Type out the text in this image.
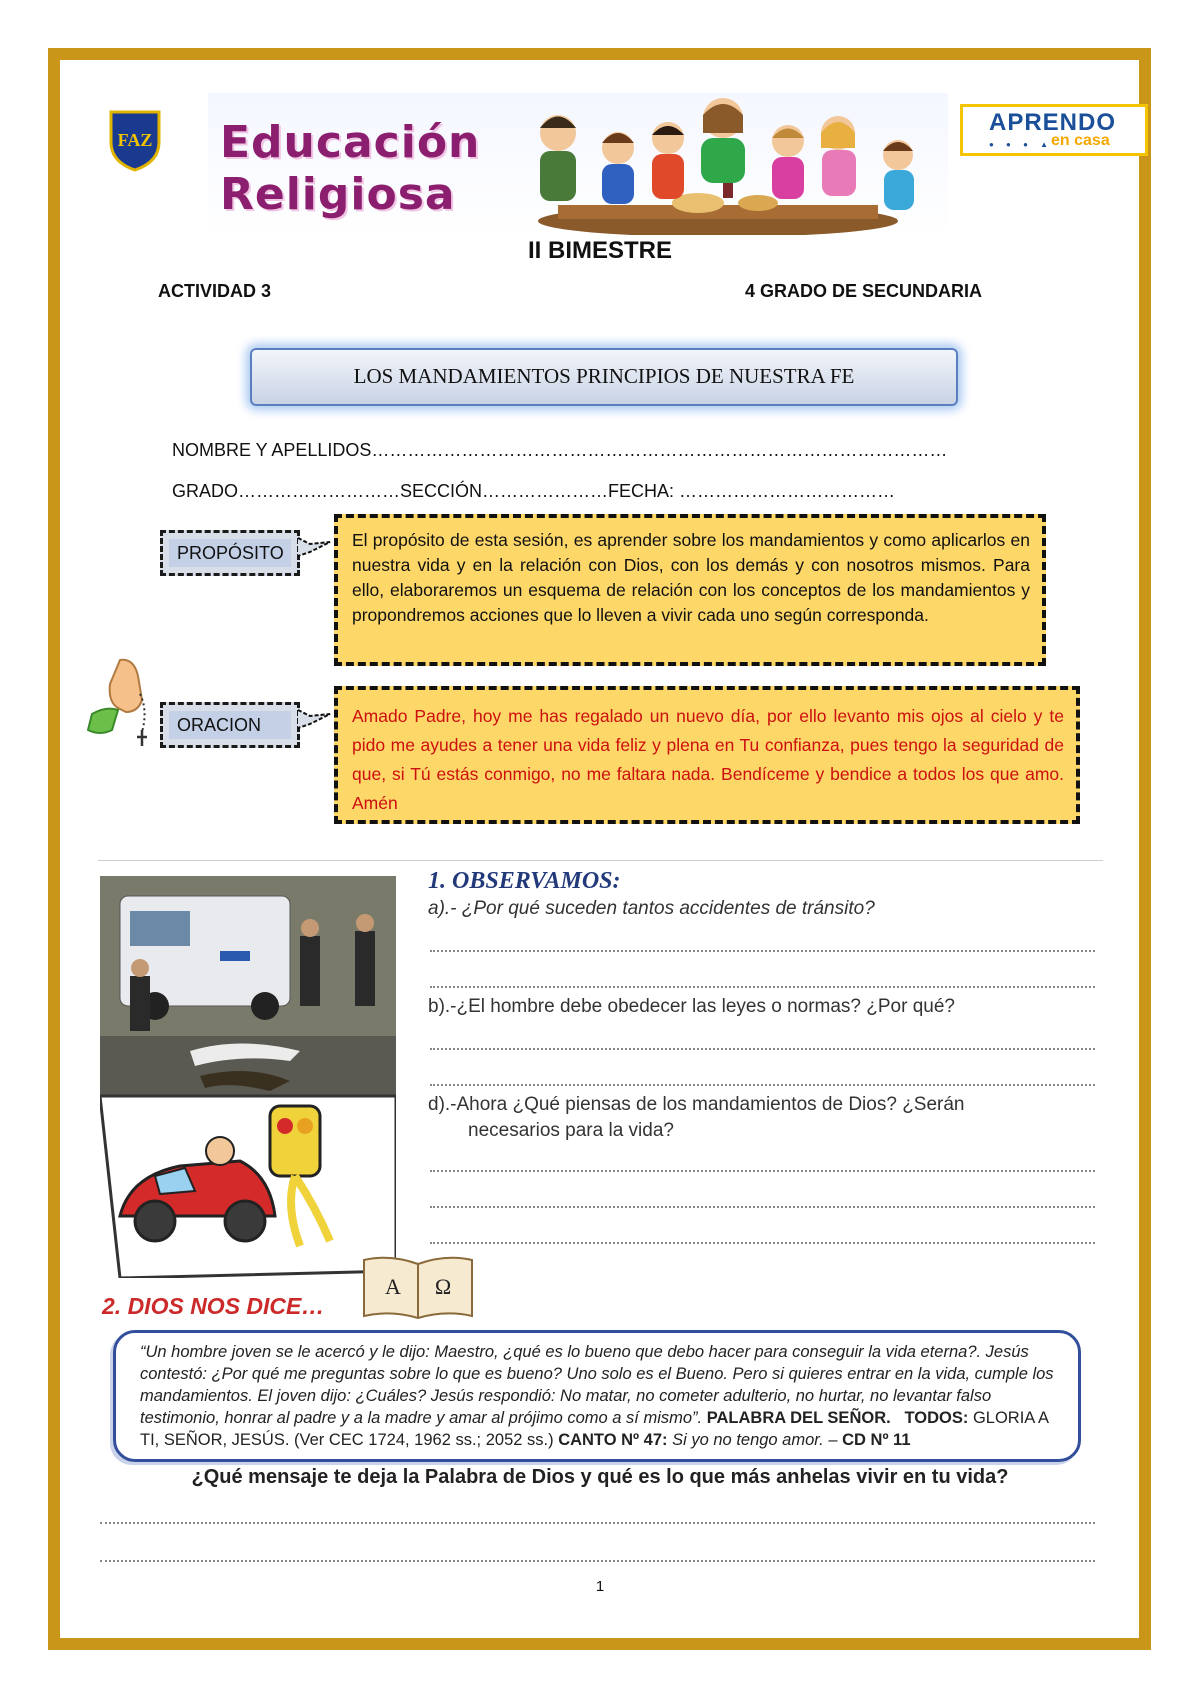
FAZ Educación
Religiosa
APRENDO
● ● ● ▲
en casa
II BIMESTRE
ACTIVIDAD 3	4 GRADO DE SECUNDARIA
LOS MANDAMIENTOS PRINCIPIOS DE NUESTRA FE
NOMBRE Y APELLIDOS……………………………………………………………………………………
GRADO………………………SECCIÓN…………………FECHA: ………………………………
PROPÓSITO
El propósito de esta sesión, es aprender sobre los mandamientos y como aplicarlos en nuestra vida y en la relación con Dios, con los demás y con nosotros mismos. Para ello, elaboraremos un esquema de relación con los conceptos de los mandamientos y propondremos acciones que lo lleven a vivir cada uno según corresponda.
ORACION	Amado Padre, hoy me has regalado un nuevo día, por ello levanto mis ojos al cielo y te pido me ayudes a tener una vida feliz y plena en Tu confianza, pues tengo la seguridad de que, si Tú estás conmigo, no me faltara nada. Bendíceme y bendice a todos los que amo. Amén
1. OBSERVAMOS:
a).- ¿Por qué suceden tantos accidentes de tránsito?
b).-¿El hombre debe obedecer las leyes o normas? ¿Por qué?
d).-Ahora ¿Qué piensas de los mandamientos de Dios? ¿Serán
necesarios para la vida?
2. DIOS NOS DICE…
A Ω
“Un hombre joven se le acercó y le dijo: Maestro, ¿qué es lo bueno que debo hacer para conseguir la vida eterna?. Jesús contestó: ¿Por qué me preguntas sobre lo que es bueno? Uno solo es el Bueno. Pero si quieres entrar en la vida, cumple los mandamientos. El joven dijo: ¿Cuáles? Jesús respondió: No matar, no cometer adulterio, no hurtar, no levantar falso testimonio, honrar al padre y a la madre y amar al prójimo como a sí mismo”. PALABRA DEL SEÑOR. TODOS: GLORIA A TI, SEÑOR, JESÚS. (Ver CEC 1724, 1962 ss.; 2052 ss.) CANTO Nº 47: Si yo no tengo amor. – CD Nº 11
¿Qué mensaje te deja la Palabra de Dios y qué es lo que más anhelas vivir en tu vida?
1
